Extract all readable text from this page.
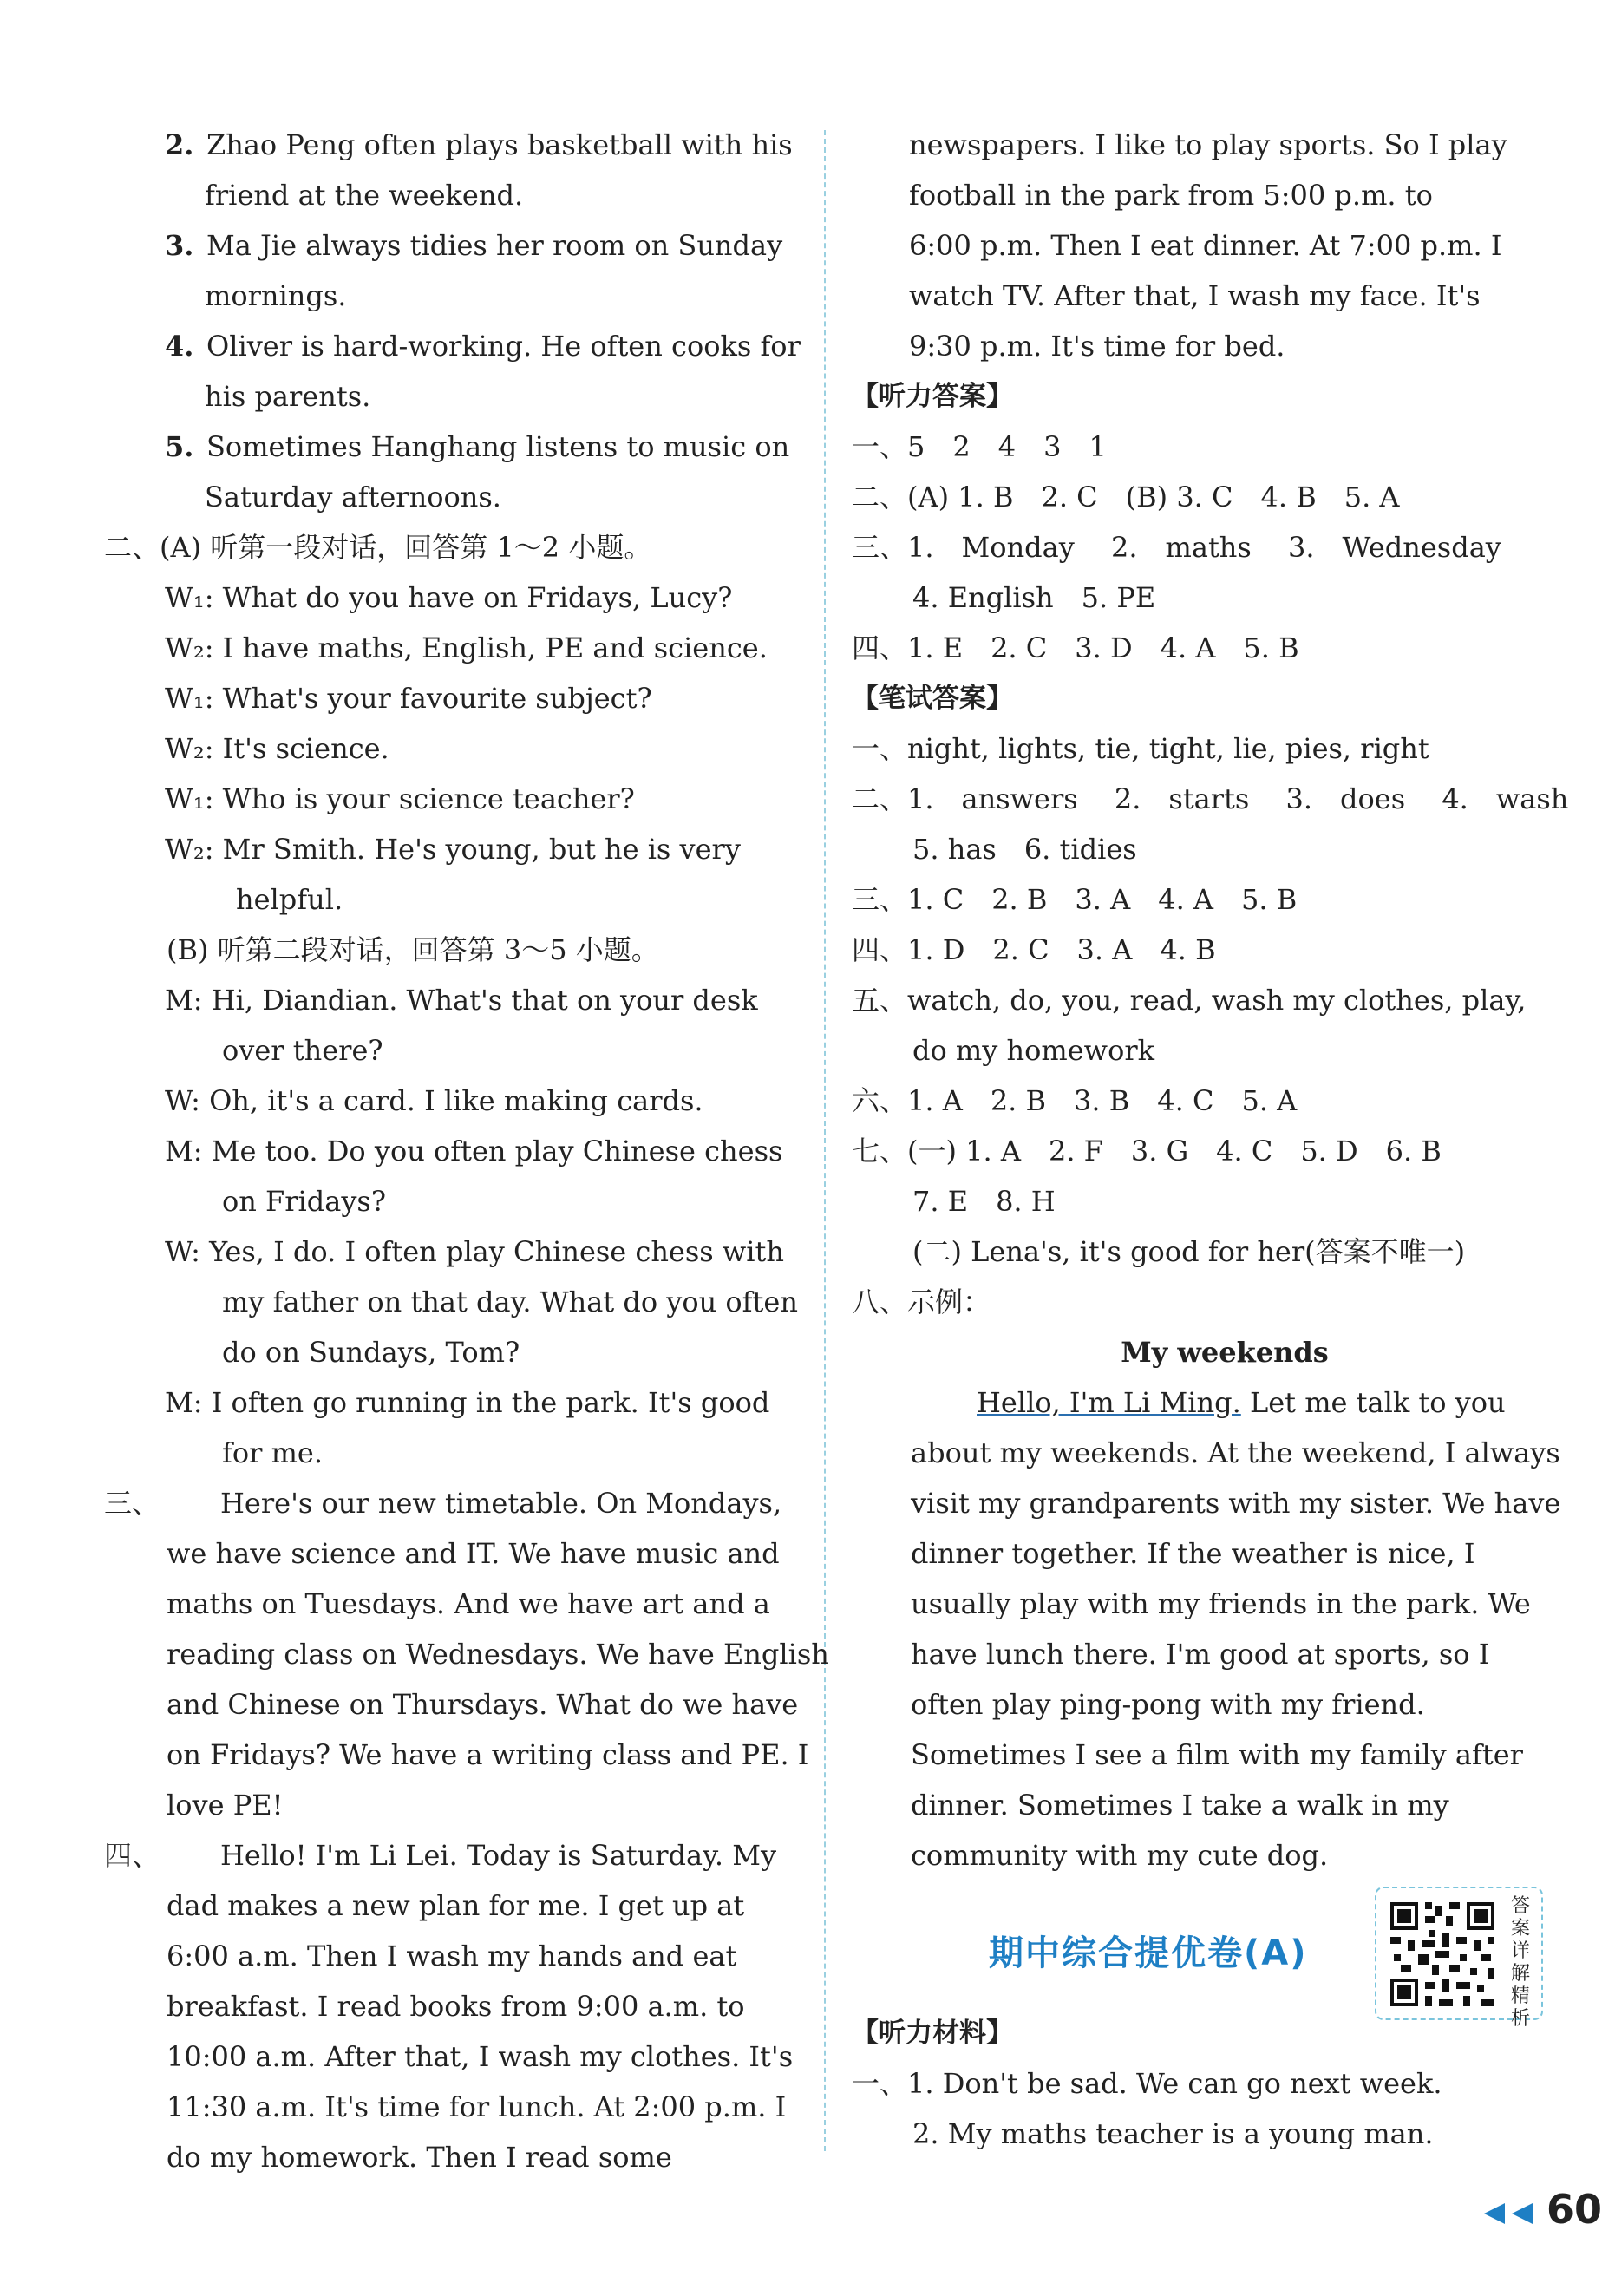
2. Zhao Peng often plays basketball with his
friend at the weekend.
3. Ma Jie always tidies her room on Sunday
mornings.
4. Oliver is hard-working. He often cooks for
his parents.
5. Sometimes Hanghang listens to music on
Saturday afternoons.
二、(A) 听第一段对话，回答第 1～2 小题。
W₁: What do you have on Fridays, Lucy?
W₂: I have maths, English, PE and science.
W₁: What's your favourite subject?
W₂: It's science.
W₁: Who is your science teacher?
W₂: Mr Smith. He's young, but he is very
helpful.
(B) 听第二段对话，回答第 3～5 小题。
M: Hi, Diandian. What's that on your desk
over there?
W: Oh, it's a card. I like making cards.
M: Me too. Do you often play Chinese chess
on Fridays?
W: Yes, I do. I often play Chinese chess with
my father on that day. What do you often
do on Sundays, Tom?
M: I often go running in the park. It's good
for me.
三、 Here's our new timetable. On Mondays,
we have science and IT. We have music and
maths on Tuesdays. And we have art and a
reading class on Wednesdays. We have English
and Chinese on Thursdays. What do we have
on Fridays? We have a writing class and PE. I
love PE!
四、 Hello! I'm Li Lei. Today is Saturday. My
dad makes a new plan for me. I get up at
6:00 a.m. Then I wash my hands and eat
breakfast. I read books from 9:00 a.m. to
10:00 a.m. After that, I wash my clothes. It's
11:30 a.m. It's time for lunch. At 2:00 p.m. I
do my homework. Then I read some
newspapers. I like to play sports. So I play
football in the park from 5:00 p.m. to
6:00 p.m. Then I eat dinner. At 7:00 p.m. I
watch TV. After that, I wash my face. It's
9:30 p.m. It's time for bed.
【听力答案】
一、5　2　4　3　1
二、(A) 1. B　2. C　(B) 3. C　4. B　5. A
三、1.　Monday　 2.　maths　 3.　Wednesday
4. English　5. PE
四、1. E　2. C　3. D　4. A　5. B
【笔试答案】
一、night, lights, tie, tight, lie, pies, right
二、1.　answers　 2.　starts　 3.　does　 4.　wash
5. has　6. tidies
三、1. C　2. B　3. A　4. A　5. B
四、1. D　2. C　3. A　4. B
五、watch, do, you, read, wash my clothes, play,
do my homework
六、1. A　2. B　3. B　4. C　5. A
七、(一) 1. A　2. F　3. G　4. C　5. D　6. B
7. E　8. H
(二) Lena's, it's good for her(答案不唯一)
八、示例：
My weekends
Hello, I'm Li Ming. Let me talk to you
about my weekends. At the weekend, I always
visit my grandparents with my sister. We have
dinner together. If the weather is nice, I
usually play with my friends in the park. We
have lunch there. I'm good at sports, so I
often play ping-pong with my friend.
Sometimes I see a film with my family after
dinner. Sometimes I take a walk in my
community with my cute dog.
期中综合提优卷(A)
答案详解精析
【听力材料】
一、1. Don't be sad. We can go next week.
2. My maths teacher is a young man.
60
